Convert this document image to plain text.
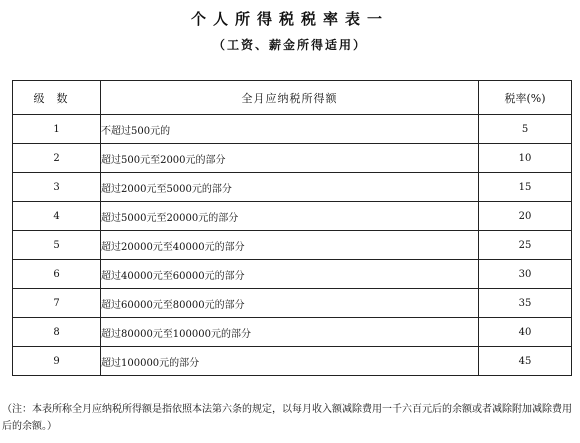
个人所得税税率表一
（工资、薪金所得适用）
级数	全月应纳税所得额	税率(%)
1	不超过500元的	5
2	超过500元至2000元的部分	10
3	超过2000元至5000元的部分	15
4	超过5000元至20000元的部分	20
5	超过20000元至40000元的部分	25
6	超过40000元至60000元的部分	30
7	超过60000元至80000元的部分	35
8	超过80000元至100000元的部分	40
9	超过100000元的部分	45
（注：本表所称全月应纳税所得额是指依照本法第六条的规定，以每月收入额减除费用一千六百元后的余额或者减除附加减除费用后的余额。）
